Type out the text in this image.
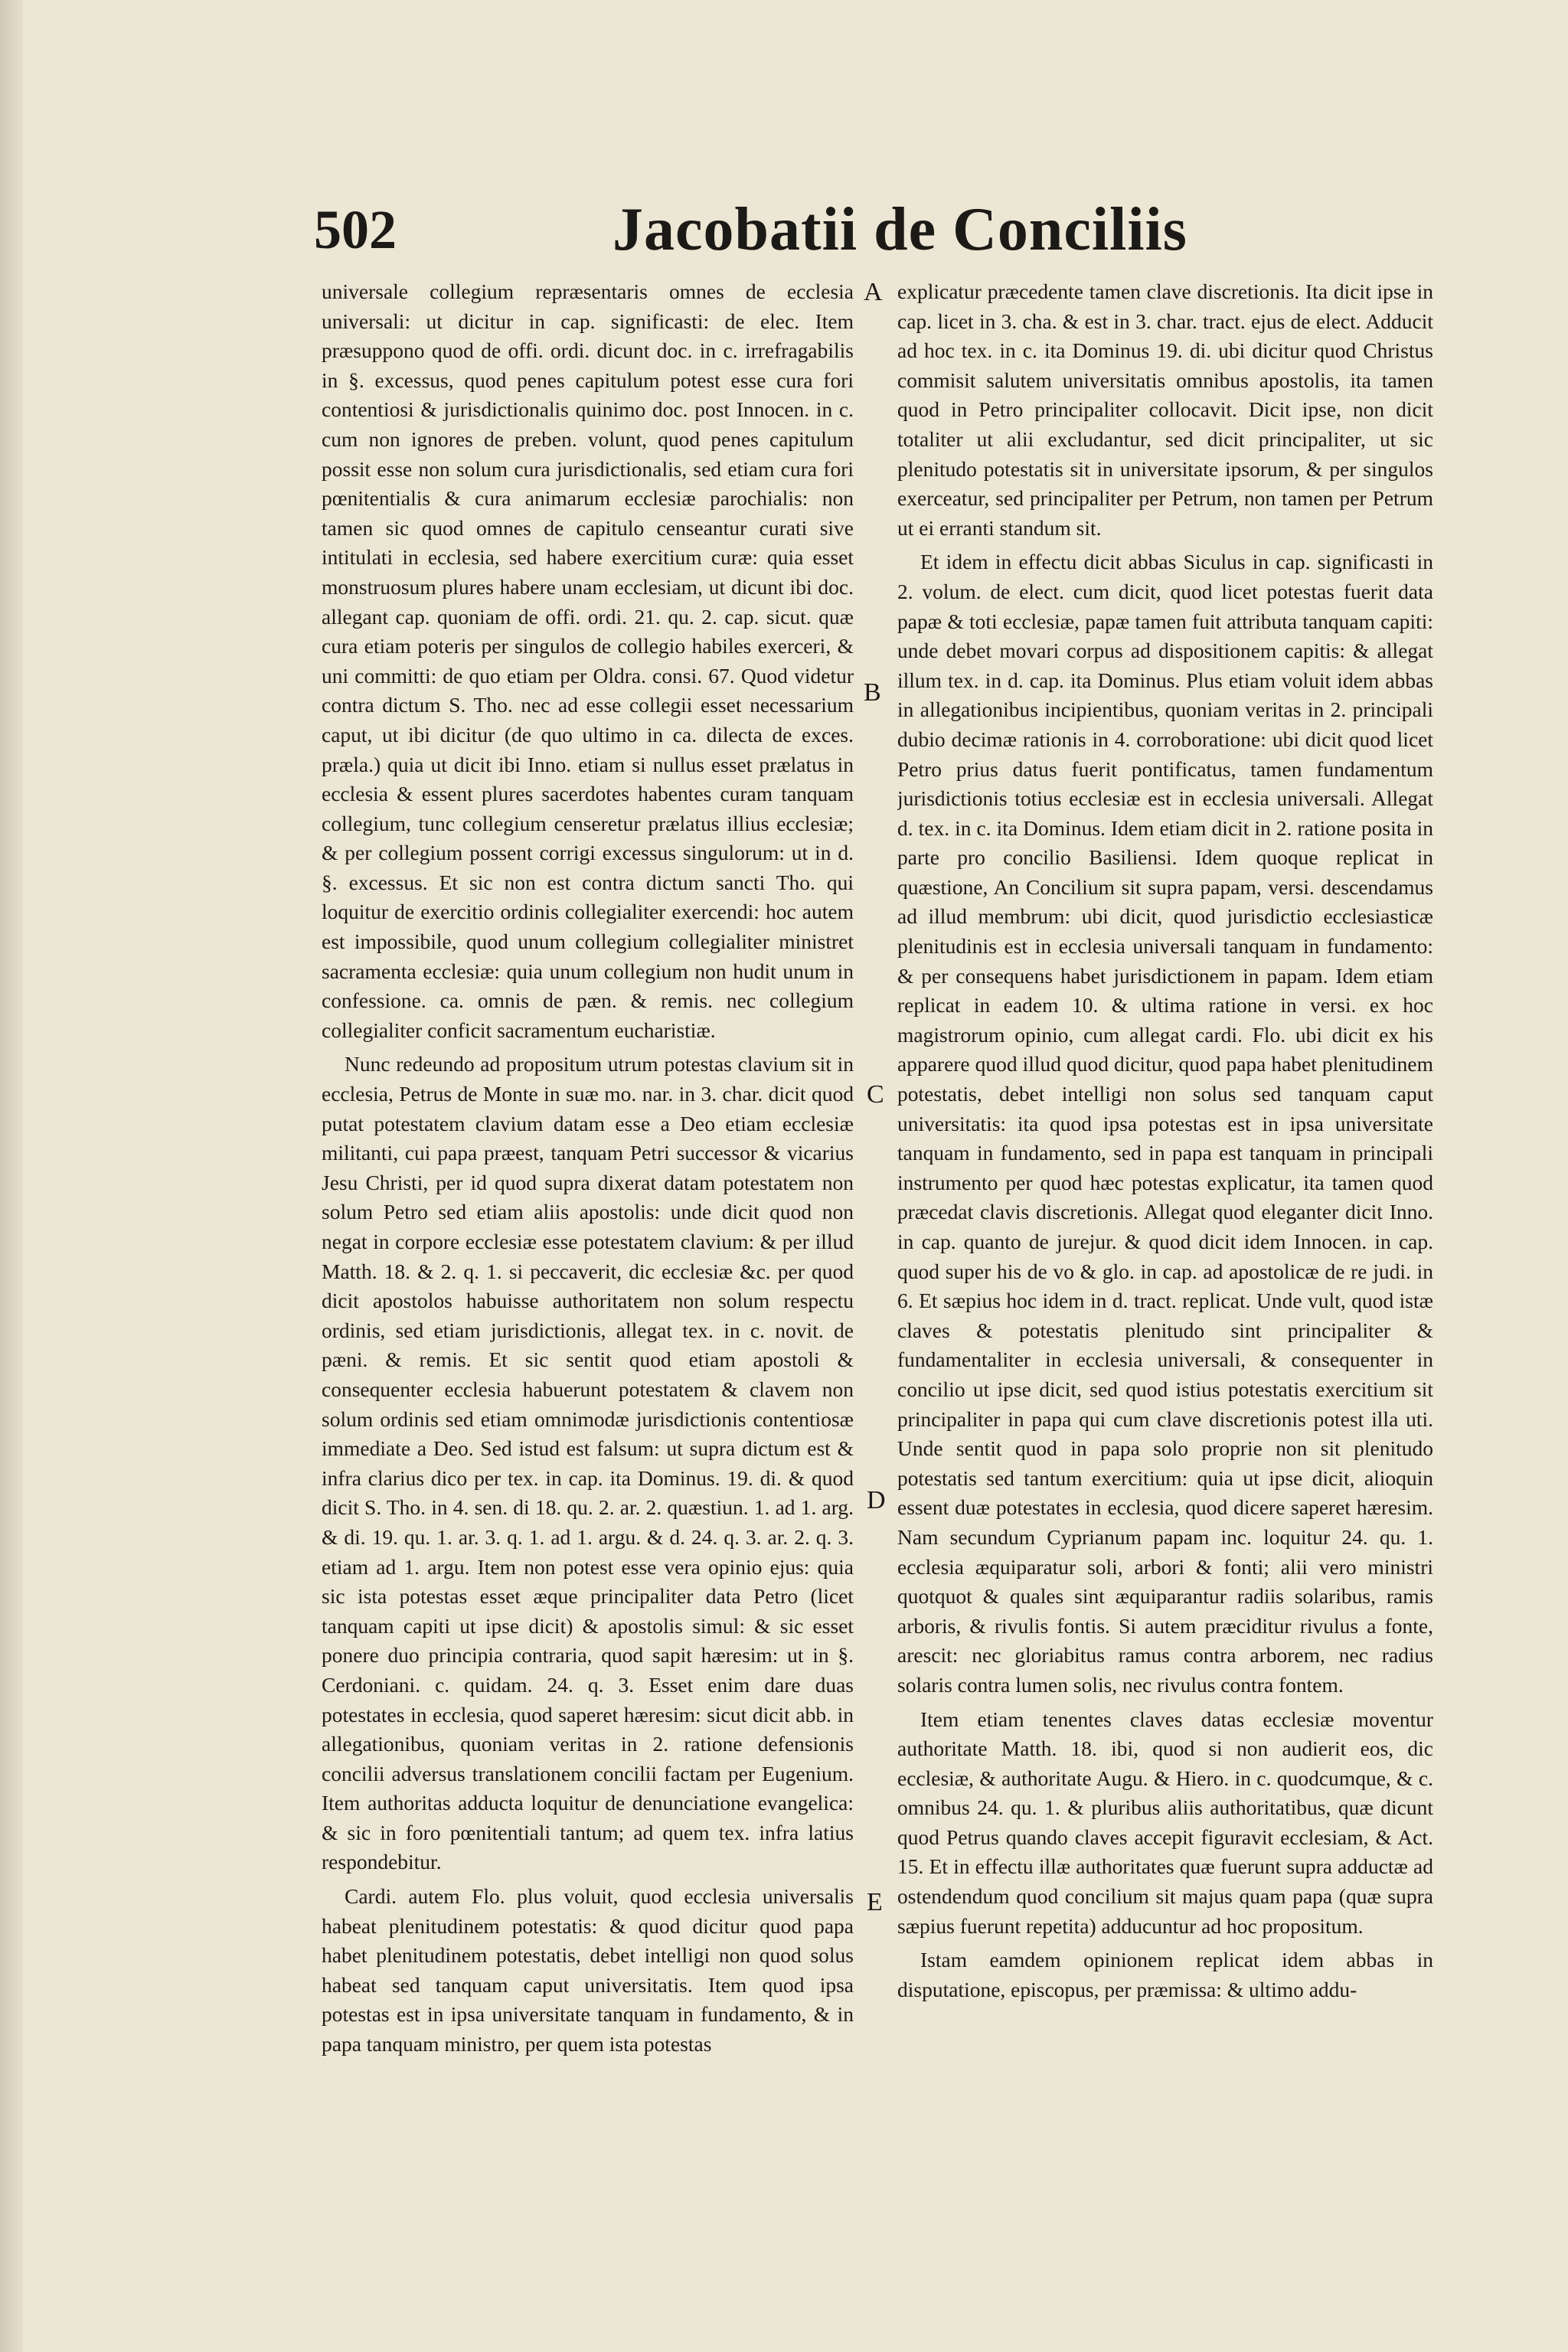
502	Jacobatii de Conciliis

universale collegium repræsentaris omnes de ecclesia universali: ut dicitur in cap. significasti: de elec. Item præsuppono quod de offi. ordi. dicunt doc. in c. irrefragabilis in §. excessus, quod penes capitulum potest esse cura fori contentiosi & jurisdictionalis quinimo doc. post Innocen. in c. cum non ignores de preben. volunt, quod penes capitulum possit esse non solum cura jurisdictionalis, sed etiam cura fori pœnitentialis & cura animarum ecclesiæ parochialis: non tamen sic quod omnes de capitulo censeantur curati sive intitulati in ecclesia, sed habere exercitium curæ: quia esset monstruosum plures habere unam ecclesiam, ut dicunt ibi doc. allegant cap. quoniam de offi. ordi. 21. qu. 2. cap. sicut. quæ cura etiam poteris per singulos de collegio habiles exerceri, & uni committi: de quo etiam per Oldra. consi. 67. Quod videtur contra dictum S. Tho. nec ad esse collegii esset necessarium caput, ut ibi dicitur (de quo ultimo in ca. dilecta de exces. præla.) quia ut dicit ibi Inno. etiam si nullus esset prælatus in ecclesia & essent plures sacerdotes habentes curam tanquam collegium, tunc collegium censeretur prælatus illius ecclesiæ; & per collegium possent corrigi excessus singulorum: ut in d. §. excessus. Et sic non est contra dictum sancti Tho. qui loquitur de exercitio ordinis collegialiter exercendi: hoc autem est impossibile, quod unum collegium collegialiter ministret sacramenta ecclesiæ: quia unum collegium non hudit unum in confessione. ca. omnis de pæn. & remis. nec collegium collegialiter conficit sacramentum eucharistiæ.

Nunc redeundo ad propositum utrum potestas clavium sit in ecclesia, Petrus de Monte in suæ mo. nar. in 3. char. dicit quod putat potestatem clavium datam esse a Deo etiam ecclesiæ militanti, cui papa præest, tanquam Petri successor & vicarius Jesu Christi, per id quod supra dixerat datam potestatem non solum Petro sed etiam aliis apostolis: unde dicit quod non negat in corpore ecclesiæ esse potestatem clavium: & per illud Matth. 18. & 2. q. 1. si peccaverit, dic ecclesiæ &c. per quod dicit apostolos habuisse authoritatem non solum respectu ordinis, sed etiam jurisdictionis, allegat tex. in c. novit. de pæni. & remis. Et sic sentit quod etiam apostoli & consequenter ecclesia habuerunt potestatem & clavem non solum ordinis sed etiam omnimodæ jurisdictionis contentiosæ immediate a Deo. Sed istud est falsum: ut supra dictum est & infra clarius dico per tex. in cap. ita Dominus. 19. di. & quod dicit S. Tho. in 4. sen. di 18. qu. 2. ar. 2. quæstiun. 1. ad 1. arg. & di. 19. qu. 1. ar. 3. q. 1. ad 1. argu. & d. 24. q. 3. ar. 2. q. 3. etiam ad 1. argu. Item non potest esse vera opinio ejus: quia sic ista potestas esset æque principaliter data Petro (licet tanquam capiti ut ipse dicit) & apostolis simul: & sic esset ponere duo principia contraria, quod sapit hæresim: ut in §. Cerdoniani. c. quidam. 24. q. 3. Esset enim dare duas potestates in ecclesia, quod saperet hæresim: sicut dicit abb. in allegationibus, quoniam veritas in 2. ratione defensionis concilii adversus translationem concilii factam per Eugenium. Item authoritas adducta loquitur de denunciatione evangelica: & sic in foro pœnitentiali tantum; ad quem tex. infra latius respondebitur.

Cardi. autem Flo. plus voluit, quod ecclesia universalis habeat plenitudinem potestatis: & quod dicitur quod papa habet plenitudinem potestatis, debet intelligi non quod solus habeat sed tanquam caput universitatis. Item quod ipsa potestas est in ipsa universitate tanquam in fundamento, & in papa tanquam ministro, per quem ista potestas

A
B
C
D
E

explicatur præcedente tamen clave discretionis. Ita dicit ipse in cap. licet in 3. cha. & est in 3. char. tract. ejus de elect. Adducit ad hoc tex. in c. ita Dominus 19. di. ubi dicitur quod Christus commisit salutem universitatis omnibus apostolis, ita tamen quod in Petro principaliter collocavit. Dicit ipse, non dicit totaliter ut alii excludantur, sed dicit principaliter, ut sic plenitudo potestatis sit in universitate ipsorum, & per singulos exerceatur, sed principaliter per Petrum, non tamen per Petrum ut ei erranti standum sit.

Et idem in effectu dicit abbas Siculus in cap. significasti in 2. volum. de elect. cum dicit, quod licet potestas fuerit data papæ & toti ecclesiæ, papæ tamen fuit attributa tanquam capiti: unde debet movari corpus ad dispositionem capitis: & allegat illum tex. in d. cap. ita Dominus. Plus etiam voluit idem abbas in allegationibus incipientibus, quoniam veritas in 2. principali dubio decimæ rationis in 4. corroboratione: ubi dicit quod licet Petro prius datus fuerit pontificatus, tamen fundamentum jurisdictionis totius ecclesiæ est in ecclesia universali. Allegat d. tex. in c. ita Dominus. Idem etiam dicit in 2. ratione posita in parte pro concilio Basiliensi. Idem quoque replicat in quæstione, An Concilium sit supra papam, versi. descendamus ad illud membrum: ubi dicit, quod jurisdictio ecclesiasticæ plenitudinis est in ecclesia universali tanquam in fundamento: & per consequens habet jurisdictionem in papam. Idem etiam replicat in eadem 10. & ultima ratione in versi. ex hoc magistrorum opinio, cum allegat cardi. Flo. ubi dicit ex his apparere quod illud quod dicitur, quod papa habet plenitudinem potestatis, debet intelligi non solus sed tanquam caput universitatis: ita quod ipsa potestas est in ipsa universitate tanquam in fundamento, sed in papa est tanquam in principali instrumento per quod hæc potestas explicatur, ita tamen quod præcedat clavis discretionis. Allegat quod eleganter dicit Inno. in cap. quanto de jurejur. & quod dicit idem Innocen. in cap. quod super his de vo & glo. in cap. ad apostolicæ de re judi. in 6. Et sæpius hoc idem in d. tract. replicat. Unde vult, quod istæ claves & potestatis plenitudo sint principaliter & fundamentaliter in ecclesia universali, & consequenter in concilio ut ipse dicit, sed quod istius potestatis exercitium sit principaliter in papa qui cum clave discretionis potest illa uti. Unde sentit quod in papa solo proprie non sit plenitudo potestatis sed tantum exercitium: quia ut ipse dicit, alioquin essent duæ potestates in ecclesia, quod dicere saperet hæresim. Nam secundum Cyprianum papam inc. loquitur 24. qu. 1. ecclesia æquiparatur soli, arbori & fonti; alii vero ministri quotquot & quales sint æquiparantur radiis solaribus, ramis arboris, & rivulis fontis. Si autem præciditur rivulus a fonte, arescit: nec gloriabitus ramus contra arborem, nec radius solaris contra lumen solis, nec rivulus contra fontem.

Item etiam tenentes claves datas ecclesiæ moventur authoritate Matth. 18. ibi, quod si non audierit eos, dic ecclesiæ, & authoritate Augu. & Hiero. in c. quodcumque, & c. omnibus 24. qu. 1. & pluribus aliis authoritatibus, quæ dicunt quod Petrus quando claves accepit figuravit ecclesiam, & Act. 15. Et in effectu illæ authoritates quæ fuerunt supra adductæ ad ostendendum quod concilium sit majus quam papa (quæ supra sæpius fuerunt repetita) adducuntur ad hoc propositum.

Istam eamdem opinionem replicat idem abbas in disputatione, episcopus, per præmissa: & ultimo addu-
